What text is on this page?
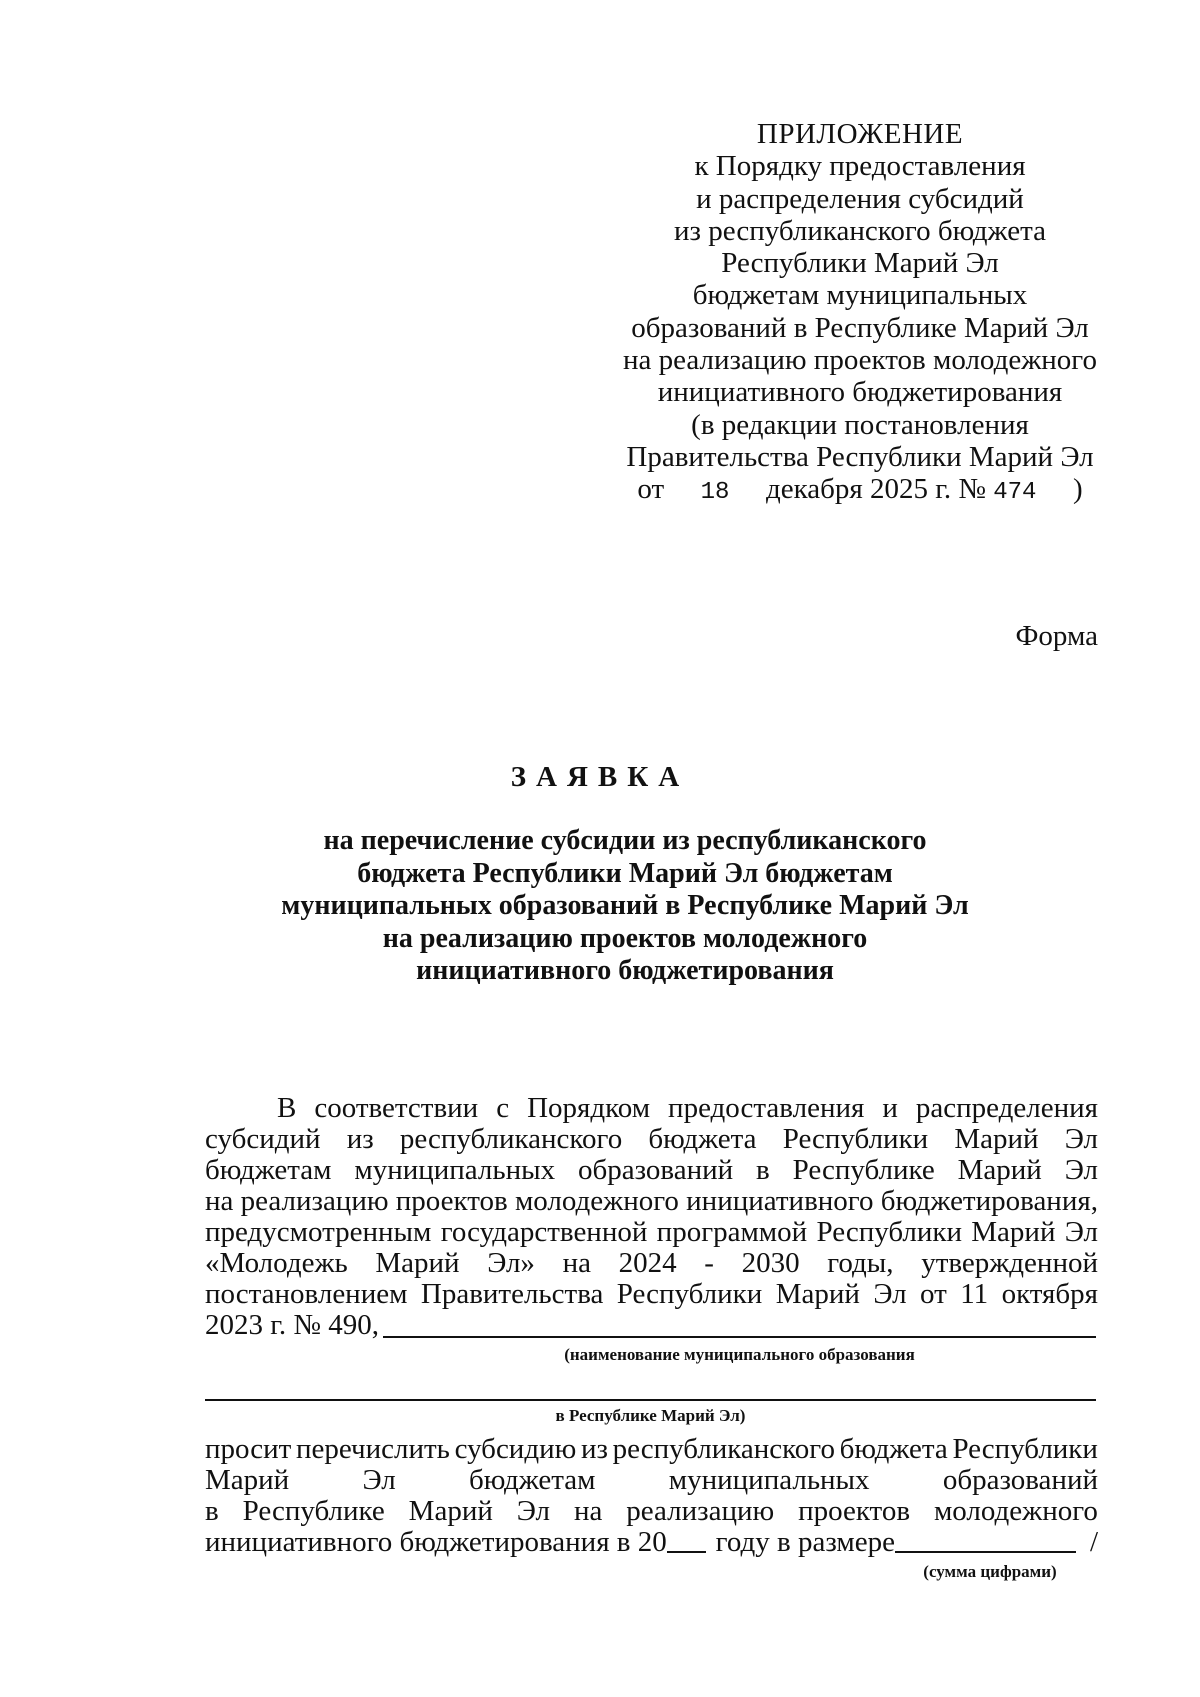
ПРИЛОЖЕНИЕ
к Порядку предоставления
и распределения субсидий
из республиканского бюджета
Республики Марий Эл
бюджетам муниципальных
образований в Республике Марий Эл
на реализацию проектов молодежного
инициативного бюджетирования
(в редакции постановления
Правительства Республики Марий Эл
от 18 декабря 2025 г. № 474 )
Форма
ЗАЯВКА
на перечисление субсидии из республиканского
бюджета Республики Марий Эл бюджетам
муниципальных образований в Республике Марий Эл
на реализацию проектов молодежного
инициативного бюджетирования
В соответствии с Порядком предоставления и распределения
субсидий из республиканского бюджета Республики Марий Эл
бюджетам муниципальных образований в Республике Марий Эл
на реализацию проектов молодежного инициативного бюджетирования,
предусмотренным государственной программой Республики Марий Эл
«Молодежь Марий Эл» на 2024 - 2030 годы, утвержденной
постановлением Правительства Республики Марий Эл от 11 октября
2023 г. № 490,
(наименование муниципального образования
в Республике Марий Эл)
просит перечислить субсидию из республиканского бюджета Республики
Марий	Эл	бюджетам	муниципальных	образований
в Республике Марий Эл на реализацию проектов молодежного
инициативного бюджетирования в 20	году в размере	/
(сумма цифрами)
